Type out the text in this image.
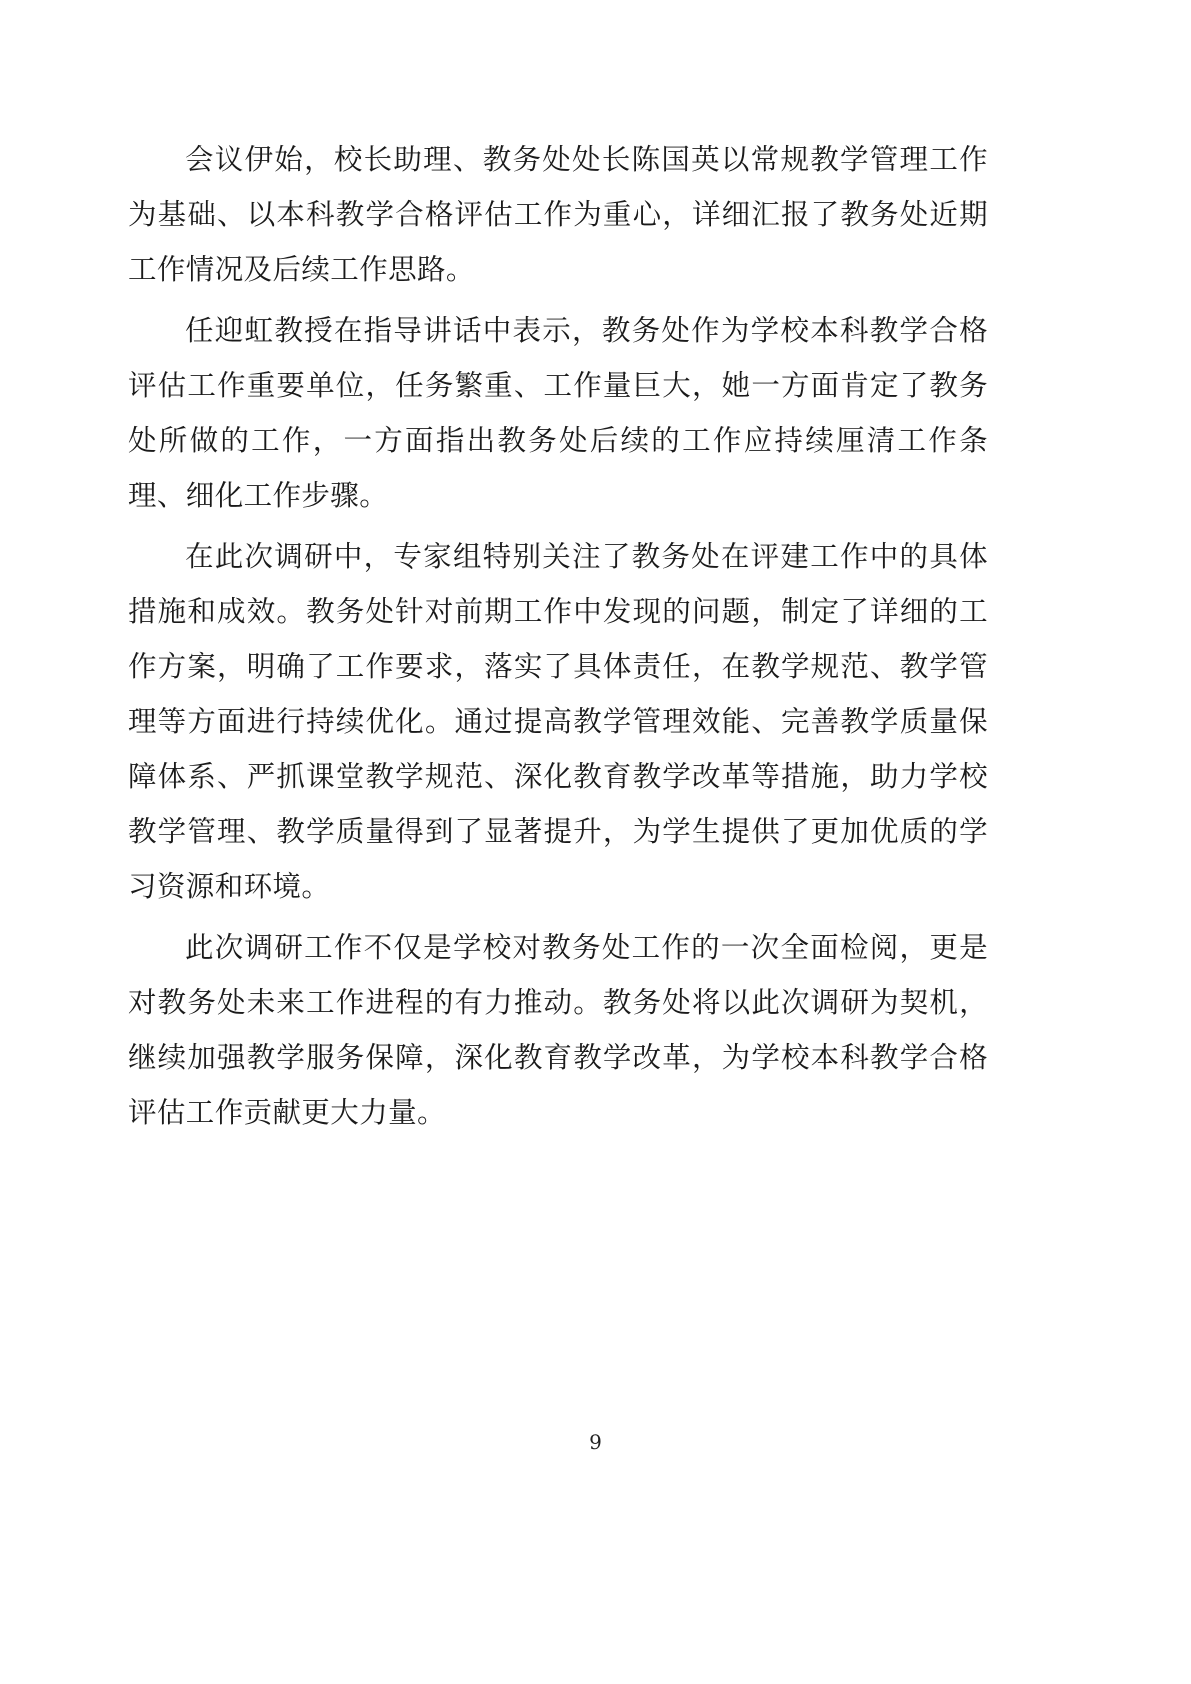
会议伊始，校长助理、教务处处长陈国英以常规教学管理工作为基础、以本科教学合格评估工作为重心，详细汇报了教务处近期工作情况及后续工作思路。

任迎虹教授在指导讲话中表示，教务处作为学校本科教学合格评估工作重要单位，任务繁重、工作量巨大，她一方面肯定了教务处所做的工作，一方面指出教务处后续的工作应持续厘清工作条理、细化工作步骤。

在此次调研中，专家组特别关注了教务处在评建工作中的具体措施和成效。教务处针对前期工作中发现的问题，制定了详细的工作方案，明确了工作要求，落实了具体责任，在教学规范、教学管理等方面进行持续优化。通过提高教学管理效能、完善教学质量保障体系、严抓课堂教学规范、深化教育教学改革等措施，助力学校教学管理、教学质量得到了显著提升，为学生提供了更加优质的学习资源和环境。

此次调研工作不仅是学校对教务处工作的一次全面检阅，更是对教务处未来工作进程的有力推动。教务处将以此次调研为契机，继续加强教学服务保障，深化教育教学改革，为学校本科教学合格评估工作贡献更大力量。

9
